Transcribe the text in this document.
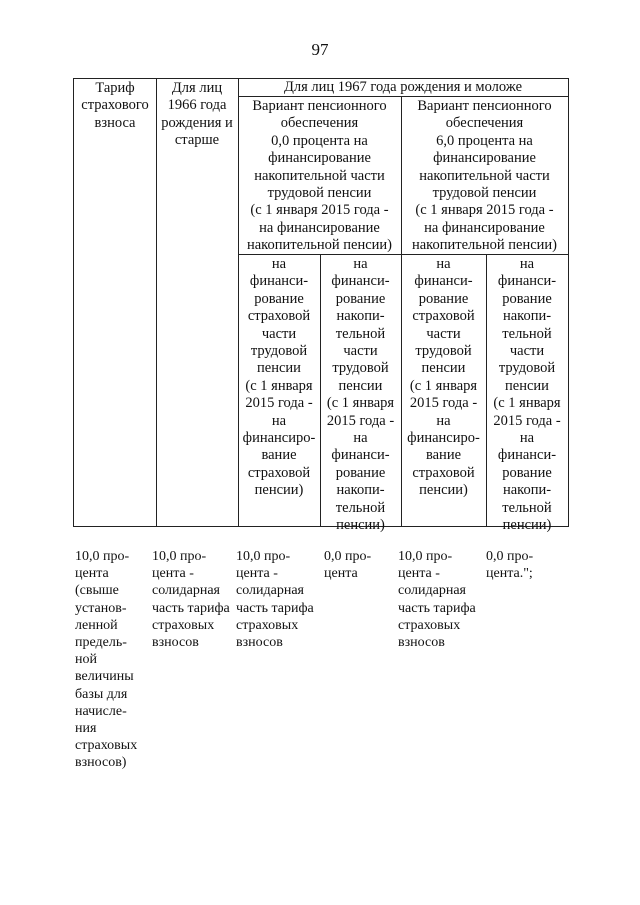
97
Тариф
страхового
взноса
Для лиц
1966 года
рождения и
старше
Для лиц 1967 года рождения и моложе
Вариант пенсионного
обеспечения
0,0 процента на
финансирование
накопительной части
трудовой пенсии
(с 1 января 2015 года -
на финансирование
накопительной пенсии)
Вариант пенсионного
обеспечения
6,0 процента на
финансирование
накопительной части
трудовой пенсии
(с 1 января 2015 года -
на финансирование
накопительной пенсии)
на
финанси-
рование
страховой
части
трудовой
пенсии
(с 1 января
2015 года -
на
финансиро-
вание
страховой
пенсии)
на
финанси-
рование
накопи-
тельной
части
трудовой
пенсии
(с 1 января
2015 года -
на
финанси-
рование
накопи-
тельной
пенсии)
на
финанси-
рование
страховой
части
трудовой
пенсии
(с 1 января
2015 года -
на
финансиро-
вание
страховой
пенсии)
на
финанси-
рование
накопи-
тельной
части
трудовой
пенсии
(с 1 января
2015 года -
на
финанси-
рование
накопи-
тельной
пенсии)
10,0 про-
цента
(свыше
установ-
ленной
предель-
ной
величины
базы для
начисле-
ния
страховых
взносов)
10,0 про-
цента -
солидарная
часть тарифа
страховых
взносов
10,0 про-
цента -
солидарная
часть тарифа
страховых
взносов
0,0 про-
цента
10,0 про-
цента -
солидарная
часть тарифа
страховых
взносов
0,0 про-
цента.";
